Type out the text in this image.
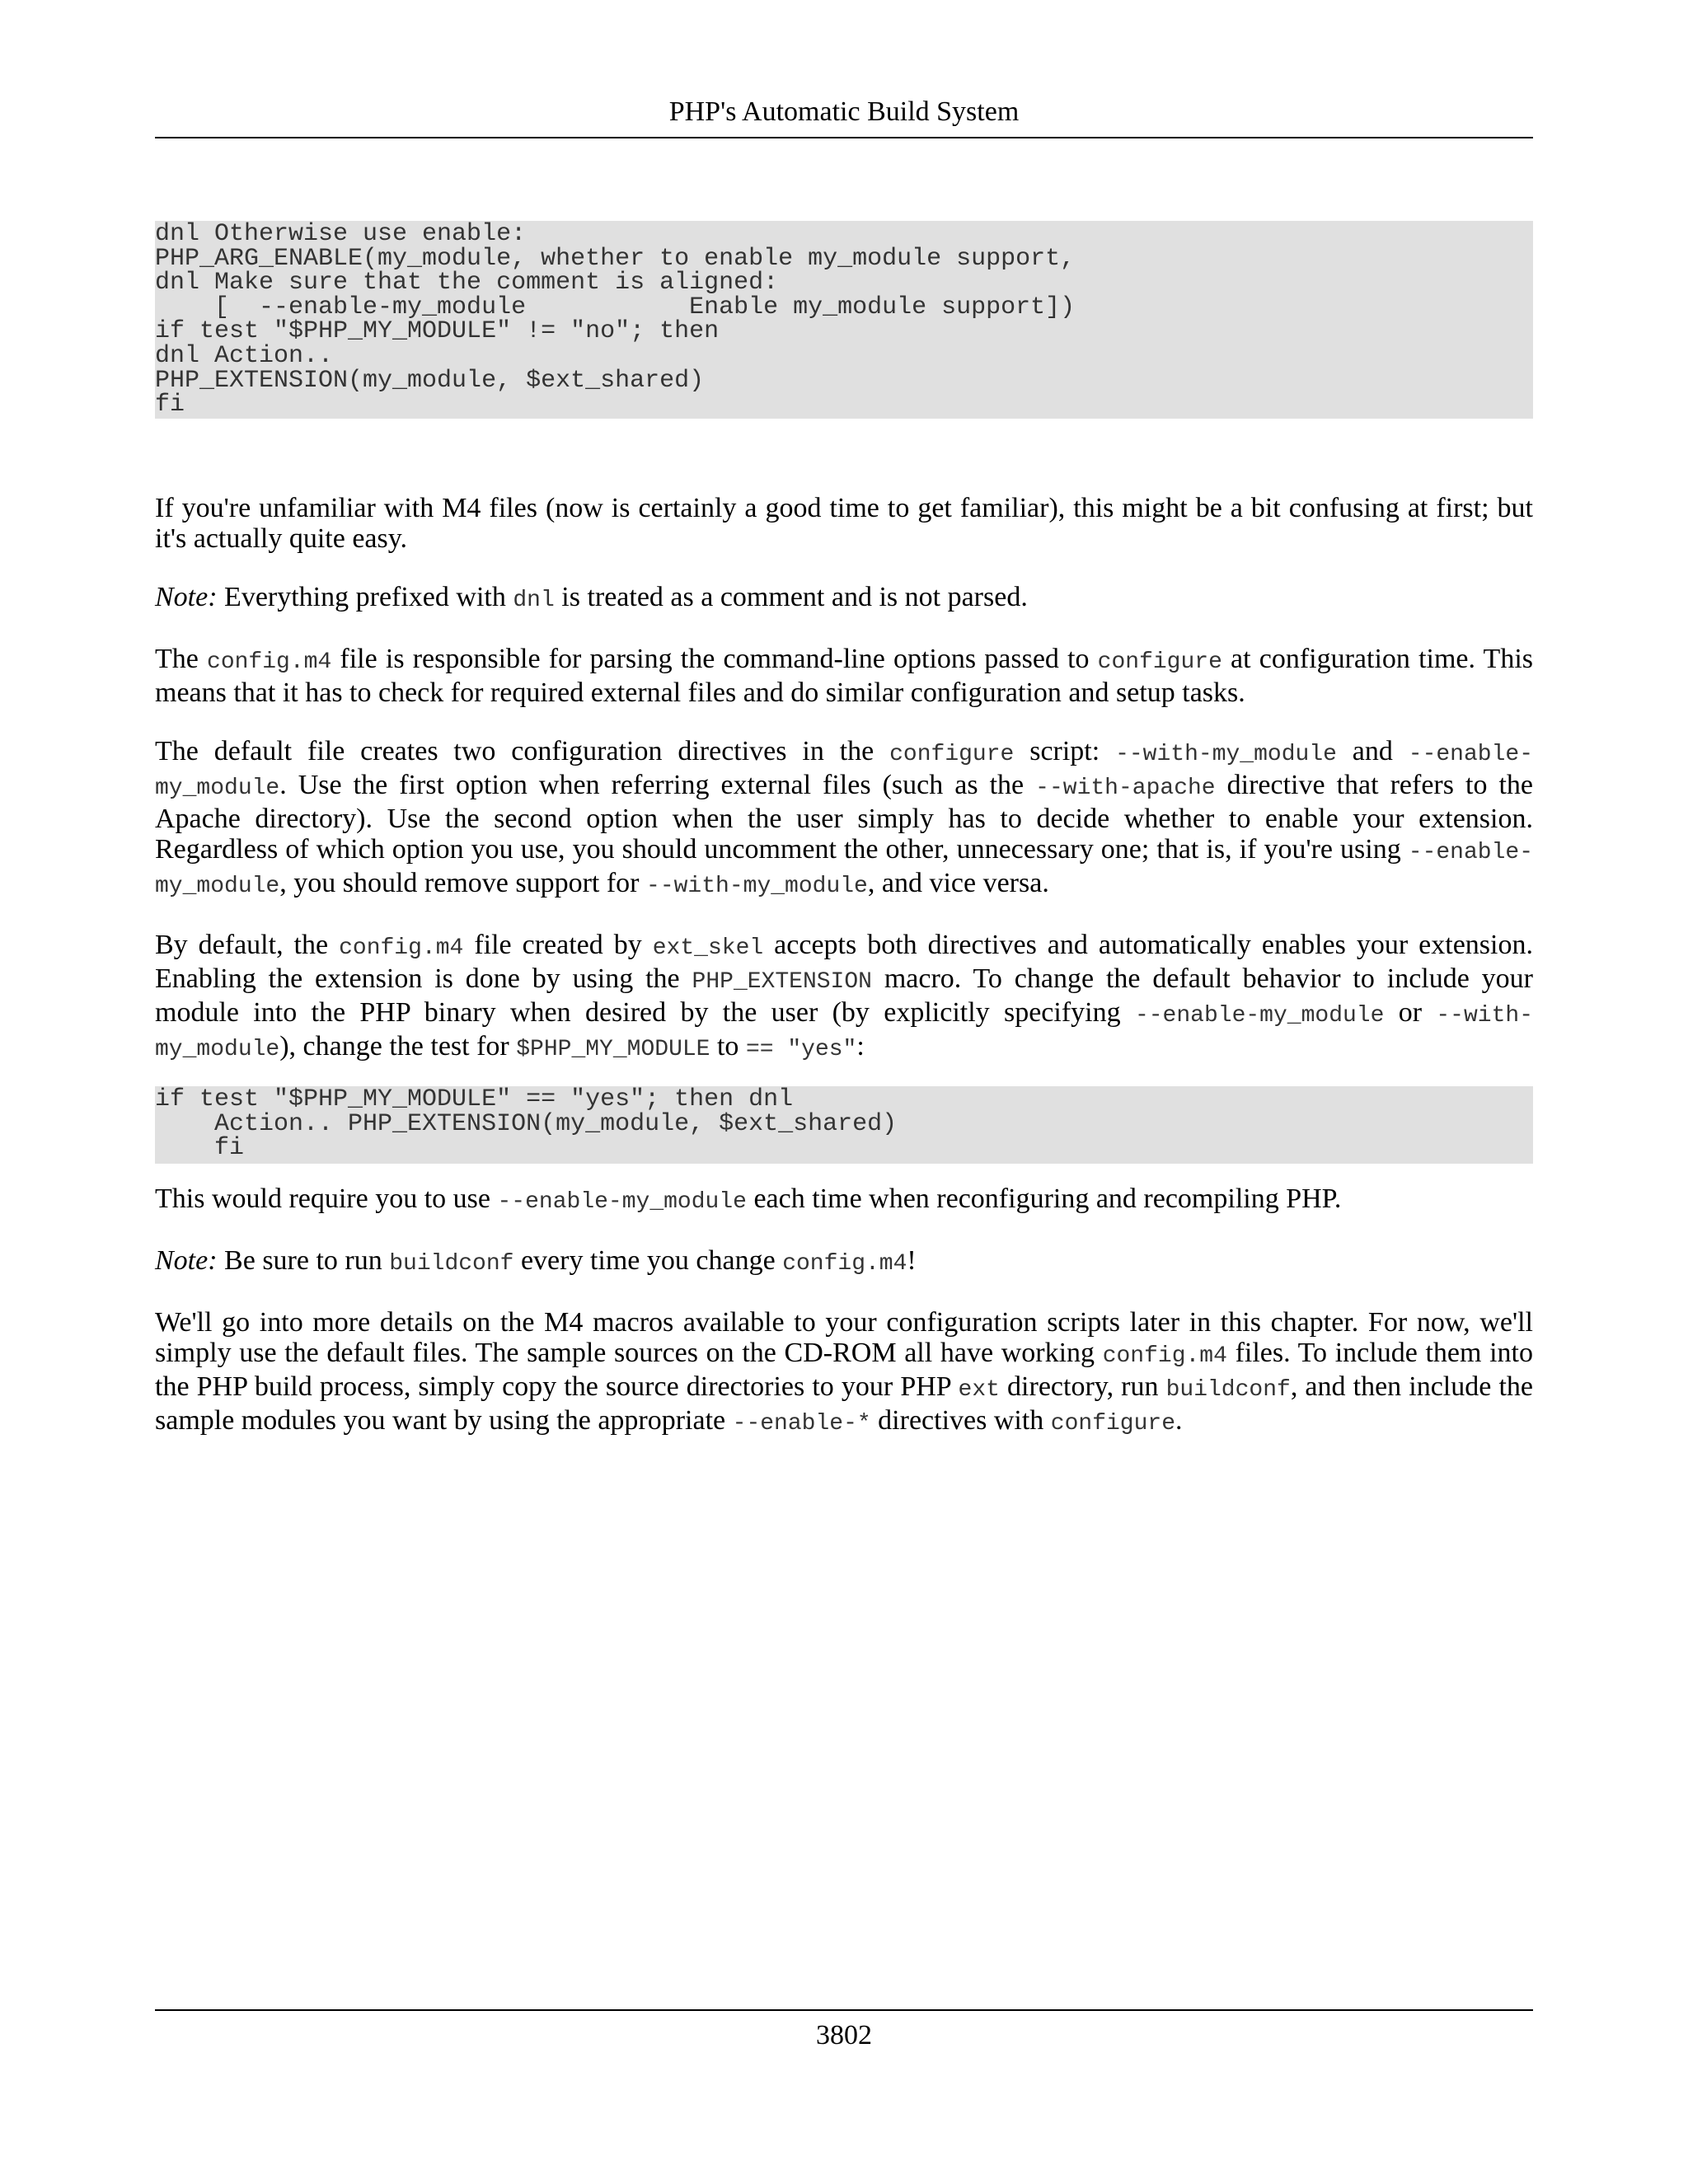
PHP's Automatic Build System
dnl Otherwise use enable:
PHP_ARG_ENABLE(my_module, whether to enable my_module support,
dnl Make sure that the comment is aligned:
[  --enable-my_module           Enable my_module support])
if test "$PHP_MY_MODULE" != "no"; then
dnl Action..
PHP_EXTENSION(my_module, $ext_shared)
fi

If you're unfamiliar with M4 files (now is certainly a good time to get familiar), this might be a bit confusing at first; but it's actually quite easy.

Note: Everything prefixed with dnl is treated as a comment and is not parsed.

The config.m4 file is responsible for parsing the command-line options passed to configure at configuration time. This means that it has to check for required external files and do similar configuration and setup tasks.

The default file creates two configuration directives in the configure script: --with-my_module and --enable-my_module. Use the first option when referring external files (such as the --with-apache directive that refers to the Apache directory). Use the second option when the user simply has to decide whether to enable your extension. Regardless of which option you use, you should uncomment the other, unnecessary one; that is, if you're using --enable-my_module, you should remove support for --with-my_module, and vice versa.

By default, the config.m4 file created by ext_skel accepts both directives and automatically enables your extension. Enabling the extension is done by using the PHP_EXTENSION macro. To change the default behavior to include your module into the PHP binary when desired by the user (by explicitly specifying --enable-my_module or --with-my_module), change the test for $PHP_MY_MODULE to == "yes":

if test "$PHP_MY_MODULE" == "yes"; then dnl
Action.. PHP_EXTENSION(my_module, $ext_shared)
fi

This would require you to use --enable-my_module each time when reconfiguring and recompiling PHP.

Note: Be sure to run buildconf every time you change config.m4!

We'll go into more details on the M4 macros available to your configuration scripts later in this chapter. For now, we'll simply use the default files. The sample sources on the CD-ROM all have working config.m4 files. To include them into the PHP build process, simply copy the source directories to your PHP ext directory, run buildconf, and then include the sample modules you want by using the appropriate --enable-* directives with configure.

3802
